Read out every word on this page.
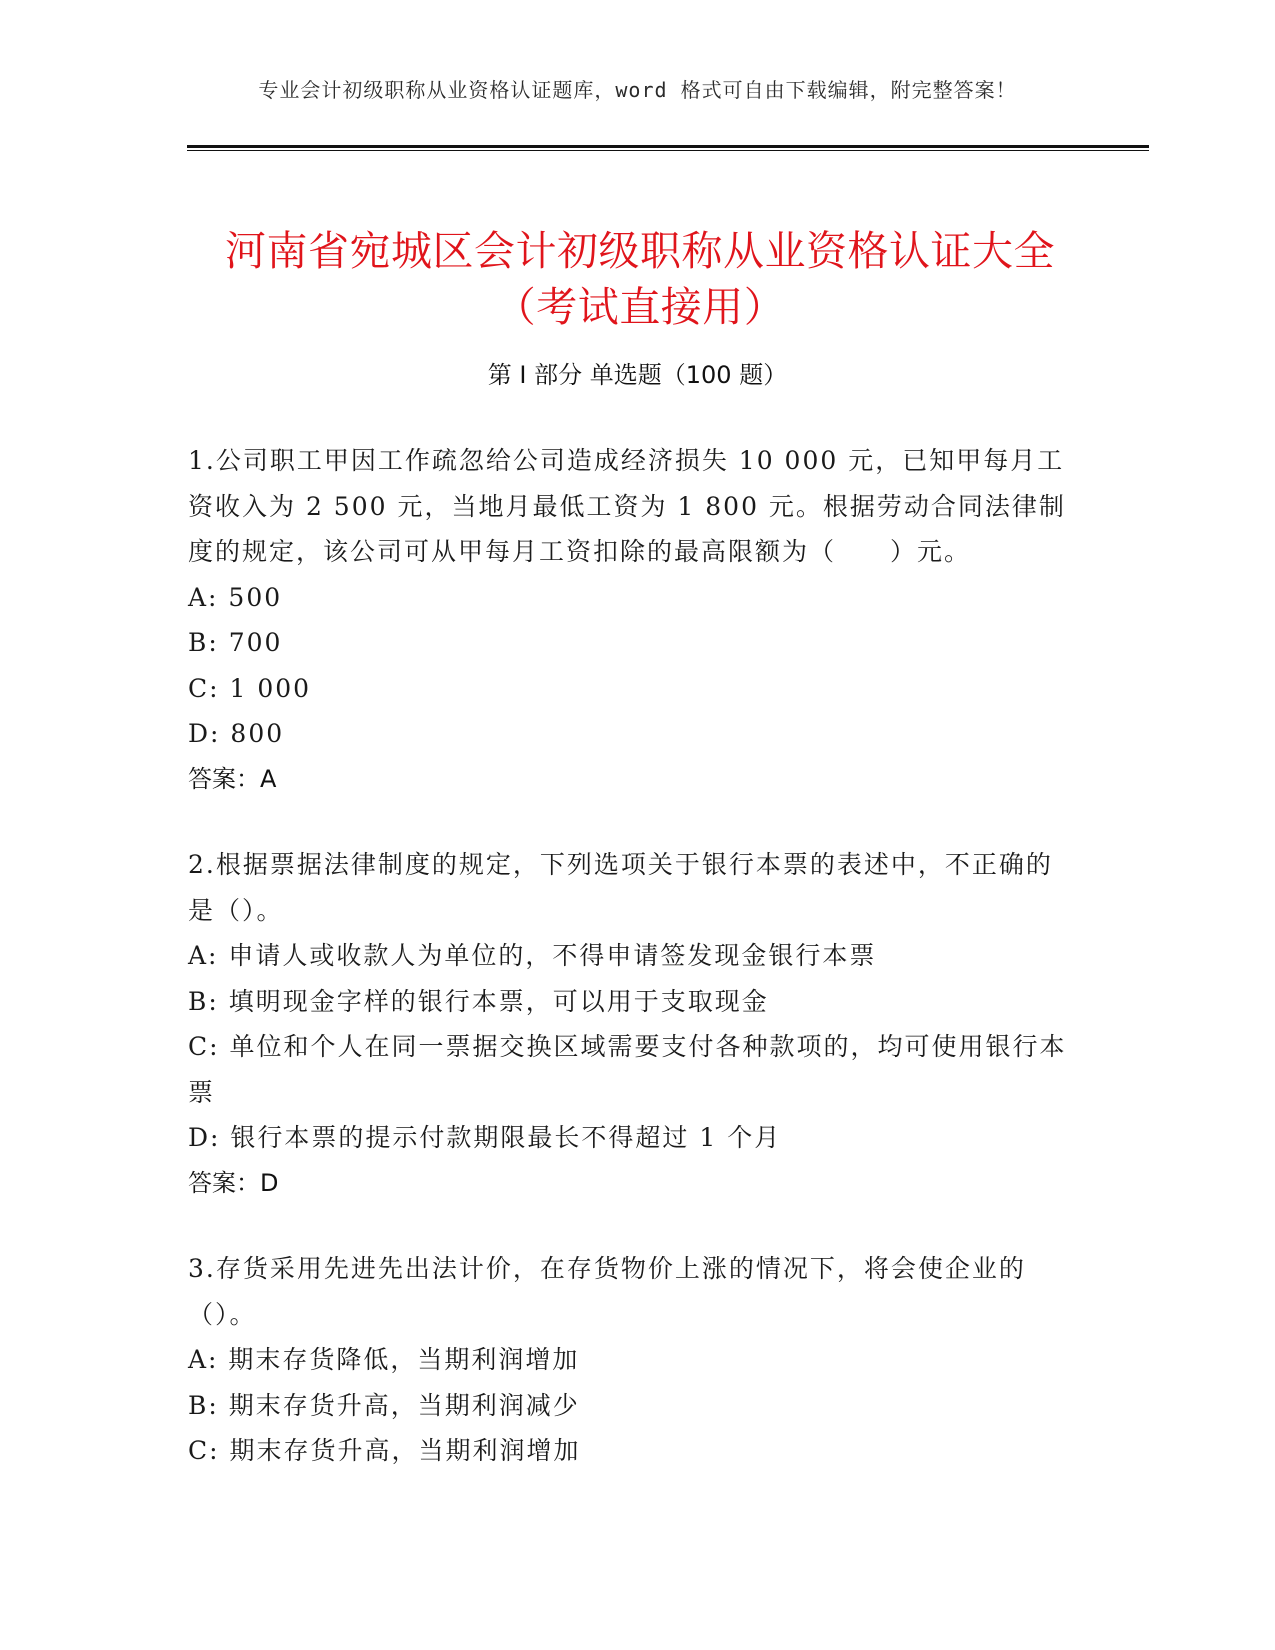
专业会计初级职称从业资格认证题库，word 格式可自由下载编辑，附完整答案！
河南省宛城区会计初级职称从业资格认证大全（考试直接用）
第 I 部分 单选题（100 题）

1.公司职工甲因工作疏忽给公司造成经济损失 10 000 元，已知甲每月工资收入为 2 500 元，当地月最低工资为 1 800 元。根据劳动合同法律制度的规定，该公司可从甲每月工资扣除的最高限额为（　　）元。

A: 500

B: 700

C: 1 000

D: 800

答案：A

2.根据票据法律制度的规定，下列选项关于银行本票的表述中，不正确的是（）。

A: 申请人或收款人为单位的，不得申请签发现金银行本票

B: 填明现金字样的银行本票，可以用于支取现金

C: 单位和个人在同一票据交换区域需要支付各种款项的，均可使用银行本票

D: 银行本票的提示付款期限最长不得超过 1 个月

答案：D

3.存货采用先进先出法计价，在存货物价上涨的情况下，将会使企业的（）。

A: 期末存货降低，当期利润增加

B: 期末存货升高，当期利润减少

C: 期末存货升高，当期利润增加
